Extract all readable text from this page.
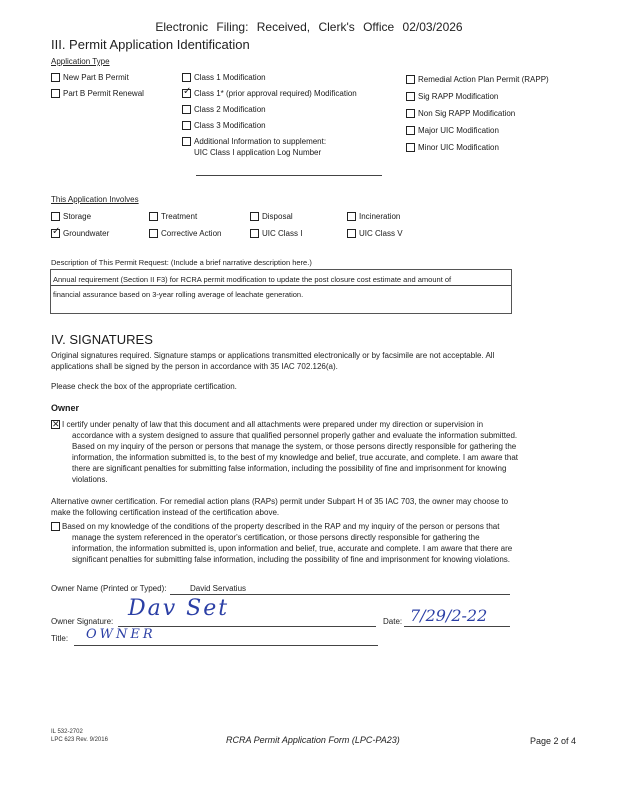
Electronic Filing: Received, Clerk's Office 02/03/2026
III. Permit Application Identification
Application Type
New Part B Permit
Part B Permit Renewal
Class 1 Modification
✓
Class 1* (prior approval required) Modification
Class 2 Modification
Class 3 Modification
Additional Information to supplement:
UIC Class I application Log Number
Remedial Action Plan Permit (RAPP)
Sig RAPP Modification
Non Sig RAPP Modification
Major UIC Modification
Minor UIC Modification
This Application Involves
Storage	Treatment	Disposal	Incineration
✓
Groundwater	Corrective Action	UIC Class I	UIC Class V
Description of This Permit Request: (Include a brief narrative description here.)
Annual requirement (Section II F3) for RCRA permit modification to update the post closure cost estimate and amount of
financial assurance based on 3-year rolling average of leachate generation.
IV. SIGNATURES
Original signatures required. Signature stamps or applications transmitted electronically or by facsimile are not acceptable. All
applications shall be signed by the person in accordance with 35 IAC 702.126(a).
Please check the box of the appropriate certification.
Owner
✕
I certify under penalty of law that this document and all attachments were prepared under my direction or supervision in
accordance with a system designed to assure that qualified personnel properly gather and evaluate the information submitted.
Based on my inquiry of the person or persons that manage the system, or those persons directly responsible for gathering the
information, the information submitted is, to the best of my knowledge and belief, true accurate, and complete. I am aware that
there are significant penalties for submitting false information, including the possibility of fine and imprisonment for knowing
violations.
Alternative owner certification. For remedial action plans (RAPs) permit under Subpart H of 35 IAC 703, the owner may choose to
make the following certification instead of the certification above.
Based on my knowledge of the conditions of the property described in the RAP and my inquiry of the person or persons that
manage the system referenced in the operator's certification, or those persons directly responsible for gathering the
information, the information submitted is, upon information and belief, true, accurate and complete. I am aware that there are
significant penalties for submitting false information, including the possibility of fine and imprisonment for knowing violations.
Owner Name (Printed or Typed):	David Servatius
Owner Signature:
Dav Set
Date: 7/29/2-22
Title: OWNER
IL 532-2702
LPC 623 Rev. 9/2016	RCRA Permit Application Form (LPC-PA23)	Page 2 of 4
